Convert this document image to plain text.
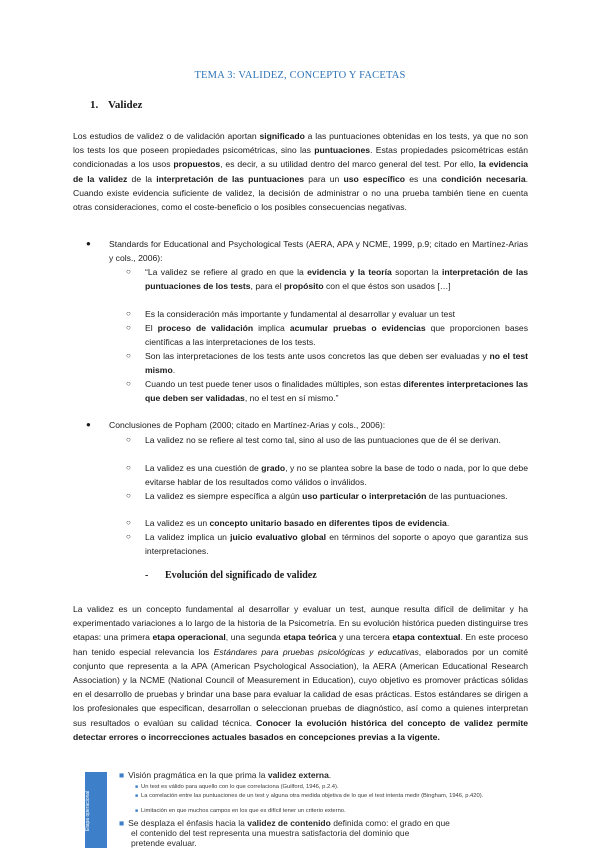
TEMA 3: VALIDEZ, CONCEPTO Y FACETAS
1. Validez

Los estudios de validez o de validación aportan significado a las puntuaciones obtenidas en los tests, ya que no son los tests los que poseen propiedades psicométricas, sino las puntuaciones. Estas propiedades psicométricas están condicionadas a los usos propuestos, es decir, a su utilidad dentro del marco general del test. Por ello, la evidencia de la validez de la interpretación de las puntuaciones para un uso específico es una condición necesaria. Cuando existe evidencia suficiente de validez, la decisión de administrar o no una prueba también tiene en cuenta otras consideraciones, como el coste-beneficio o los posibles consecuencias negativas.

● Standards for Educational and Psychological Tests (AERA, APA y NCME, 1999, p.9; citado en Martínez-Arias y cols., 2006):
○ “La validez se refiere al grado en que la evidencia y la teoría soportan la interpretación de las puntuaciones de los tests, para el propósito con el que éstos son usados […]
○ Es la consideración más importante y fundamental al desarrollar y evaluar un test
○ El proceso de validación implica acumular pruebas o evidencias que proporcionen bases científicas a las interpretaciones de los tests.
○ Son las interpretaciones de los tests ante usos concretos las que deben ser evaluadas y no el test mismo.
○ Cuando un test puede tener usos o finalidades múltiples, son estas diferentes interpretaciones las que deben ser validadas, no el test en sí mismo.”
● Conclusiones de Popham (2000; citado en Martínez-Arias y cols., 2006):
○ La validez no se refiere al test como tal, sino al uso de las puntuaciones que de él se derivan.
○ La validez es una cuestión de grado, y no se plantea sobre la base de todo o nada, por lo que debe evitarse hablar de los resultados como válidos o inválidos.
○ La validez es siempre específica a algún uso particular o interpretación de las puntuaciones.
○ La validez es un concepto unitario basado en diferentes tipos de evidencia.
○ La validez implica un juicio evaluativo global en términos del soporte o apoyo que garantiza sus interpretaciones.
- Evolución del significado de validez

La validez es un concepto fundamental al desarrollar y evaluar un test, aunque resulta difícil de delimitar y ha experimentado variaciones a lo largo de la historia de la Psicometría. En su evolución histórica pueden distinguirse tres etapas: una primera etapa operacional, una segunda etapa teórica y una tercera etapa contextual. En este proceso han tenido especial relevancia los Estándares para pruebas psicológicas y educativas, elaborados por un comité conjunto que representa a la APA (American Psychological Association), la AERA (American Educational Research Association) y la NCME (National Council of Measurement in Education), cuyo objetivo es promover prácticas sólidas en el desarrollo de pruebas y brindar una base para evaluar la calidad de esas prácticas. Estos estándares se dirigen a los profesionales que especifican, desarrollan o seleccionan pruebas de diagnóstico, así como a quienes interpretan sus resultados o evalúan su calidad técnica. Conocer la evolución histórica del concepto de validez permite detectar errores o incorrecciones actuales basados en concepciones previas a la vigente.

Etapa operacional
■ Visión pragmática en la que prima la validez externa.
■ Un test es válido para aquello con lo que correlaciona (Guilford, 1946, p.2.4).
■ La correlación entre las puntuaciones de un test y alguna otra medida objetiva de lo que el test intenta medir (Bingham, 1946, p.420).
■ Limitación en que muchos campos en los que es difícil tener un criterio externo.
■ Se desplaza el énfasis hacia la validez de contenido definida como: el grado en que
el contenido del test representa una muestra satisfactoria del dominio que
pretende evaluar.
